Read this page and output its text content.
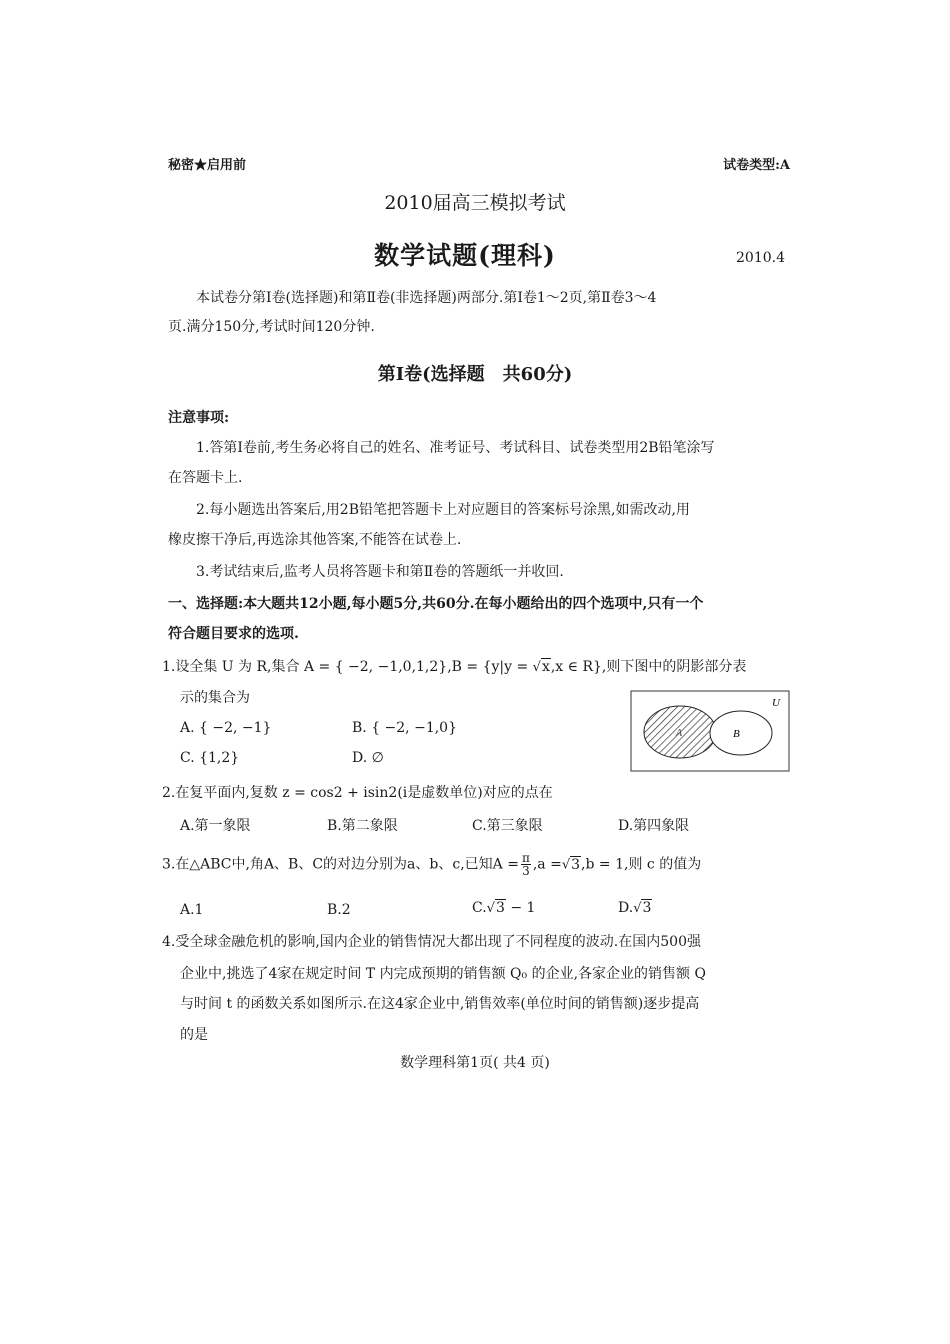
秘密★启用前	试卷类型:A
2010届高三模拟考试
数学试题(理科)	2010.4
本试卷分第Ⅰ卷(选择题)和第Ⅱ卷(非选择题)两部分.第Ⅰ卷1～2页,第Ⅱ卷3～4
页.满分150分,考试时间120分钟.
第Ⅰ卷(选择题　共60分)
注意事项:
1.答第Ⅰ卷前,考生务必将自己的姓名、准考证号、考试科目、试卷类型用2B铅笔涂写
在答题卡上.
2.每小题选出答案后,用2B铅笔把答题卡上对应题目的答案标号涂黑,如需改动,用
橡皮擦干净后,再选涂其他答案,不能答在试卷上.
3.考试结束后,监考人员将答题卡和第Ⅱ卷的答题纸一并收回.
一、选择题:本大题共12小题,每小题5分,共60分.在每小题给出的四个选项中,只有一个
符合题目要求的选项.
1.设全集 U 为 R,集合 A = { −2, −1,0,1,2},B = {y|y = √x,x ∈ R},则下图中的阴影部分表
示的集合为
A. { −2, −1}	B. { −2, −1,0}
C. {1,2}	D. ∅
U
A	B
2.在复平面内,复数 z = cos2 + isin2(i是虚数单位)对应的点在
A.第一象限	B.第二象限	C.第三象限	D.第四象限
3.在△ABC中,角A、B、C的对边分别为a、b、c,已知$A = \frac{\pi}{3} ,a =√3,b = 1$,则 c 的值为
A.1	B.2	C.√3 − 1	D.√3
4.受全球金融危机的影响,国内企业的销售情况大都出现了不同程度的波动.在国内500强
企业中,挑选了4家在规定时间 T 内完成预期的销售额 Q₀ 的企业,各家企业的销售额 Q
与时间 t 的函数关系如图所示.在这4家企业中,销售效率(单位时间的销售额)逐步提高
的是
数学理科第1页( 共4 页)
